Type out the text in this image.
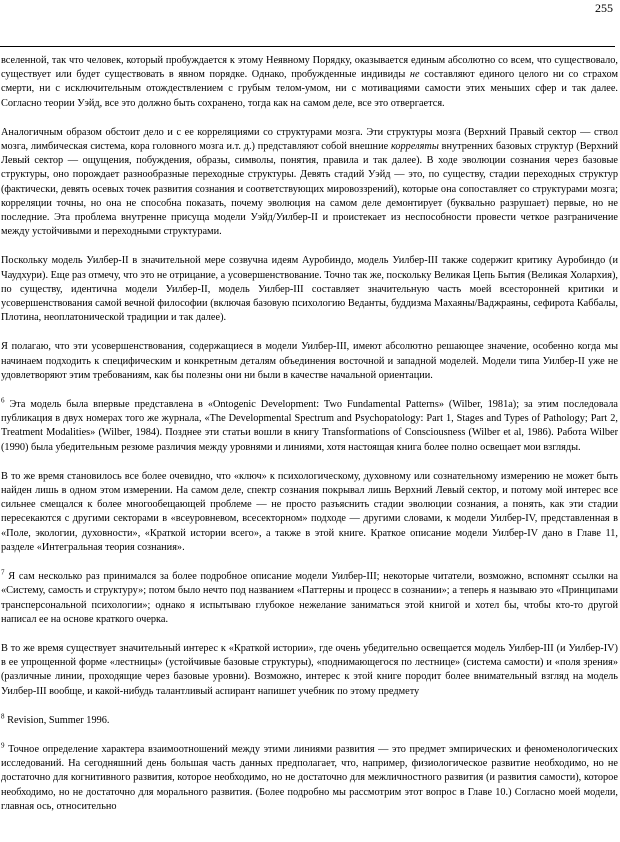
255

вселенной, так что человек, который пробуждается к этому Неявному Порядку, оказывается единым абсолютно со всем, что существовало, существует или будет существовать в явном порядке. Однако, пробужденные индивиды не составляют единого целого ни со страхом смерти, ни с исключительным отождествлением с грубым телом-умом, ни с мотивациями самости этих меньших сфер и так далее. Согласно теории Уэйд, все это должно быть сохранено, тогда как на самом деле, все это отвергается.

Аналогичным образом обстоит дело и с ее корреляциями со структурами мозга. Эти структуры мозга (Верхний Правый сектор — ствол мозга, лимбическая система, кора головного мозга и.т. д.) представляют собой внешние корреляты внутренних базовых структур (Верхний Левый сектор — ощущения, побуждения, образы, символы, понятия, правила и так далее). В ходе эволюции сознания через базовые структуры, оно порождает разнообразные переходные структуры. Девять стадий Уэйд — это, по существу, стадии переходных структур (фактически, девять осевых точек развития сознания и соответствующих мировоззрений), которые она сопоставляет со структурами мозга; корреляции точны, но она не способна показать, почему эволюция на самом деле демонтирует (буквально разрушает) первые, но не последние. Эта проблема внутренне присуща модели Уэйд/Уилбер-II и проистекает из неспособности провести четкое разграничение между устойчивыми и переходными структурами.

Поскольку модель Уилбер-II в значительной мере созвучна идеям Ауробиндо, модель Уилбер-III также содержит критику Ауробиндо (и Чаудхури). Еще раз отмечу, что это не отрицание, а усовершенствование. Точно так же, поскольку Великая Цепь Бытия (Великая Холархия), по существу, идентична модели Уилбер-II, модель Уилбер-III составляет значительную часть моей всесторонней критики и усовершенствования самой вечной философии (включая базовую психологию Веданты, буддизма Махаяны/Ваджраяны, сефирота Каббалы, Плотина, неоплатонической традиции и так далее).

Я полагаю, что эти усовершенствования, содержащиеся в модели Уилбер-III, имеют абсолютно решающее значение, особенно когда мы начинаем подходить к специфическим и конкретным деталям объединения восточной и западной моделей. Модели типа Уилбер-II уже не удовлетворяют этим требованиям, как бы полезны они ни были в качестве начальной ориентации.

$^6$ Эта модель была впервые представлена в «Ontogenic Development: Two Fundamental Patterns»‎ (Wilber, 1981a); за этим последовала публикация в двух номерах того же журнала, «The Developmental Spectrum and Psychopatology: Part 1, Stages and Types of Pathology; Part 2, Treatment Modalities»‎ (Wilber, 1984). Позднее эти статьи вошли в книгу Transformations of Consciousness (Wilber et al, 1986). Работа Wilber (1990) была убедительным резюме различия между уровнями и линиями, хотя настоящая книга более полно освещает мои взгляды.

В то же время становилось все более очевидно, что «ключ» к психологическому, духовному или сознательному измерению не может быть найден лишь в одном этом измерении. На самом деле, спектр сознания покрывал лишь Верхний Левый сектор, и потому мой интерес все сильнее смещался к более многообещающей проблеме — не просто разъяснить стадии эволюции сознания, а понять, как эти стадии пересекаются с другими секторами в «всеуровневом, всесекторном» подходе — другими словами, к модели Уилбер-IV, представленная в «Поле, экологии, духовности», «Краткой истории всего», а также в этой книге. Краткое описание модели Уилбер-IV дано в Главе 11, разделе «Интегральная теория сознания».

$^7$ Я сам несколько раз принимался за более подробное описание модели Уилбер-III; некоторые читатели, возможно, вспомнят ссылки на «Систему, самость и структуру»; потом было нечто под названием «Паттерны и процесс в сознании»; а теперь я называю это «Принципами трансперсональной психологии»; однако я испытываю глубокое нежелание заниматься этой книгой и хотел бы, чтобы кто-то другой написал ее на основе краткого очерка.

В то же время существует значительный интерес к «Краткой истории», где очень убедительно освещается модель Уилбер-III (и Уилбер-IV) в ее упрощенной форме «лестницы» (устойчивые базовые структуры), «поднимающегося по лестнице» (система самости) и «поля зрения» (различные линии, проходящие через базовые уровни). Возможно, интерес к этой книге породит более внимательный взгляд на модель Уилбер-III вообще, и какой-нибудь талантливый аспирант напишет учебник по этому предмету

$^8$ Revision, Summer 1996.

$^9$ Точное определение характера взаимоотношений между этими линиями развития — это предмет эмпирических и феноменологических исследований. На сегодняшний день большая часть данных предполагает, что, например, физиологическое развитие необходимо, но не достаточно для когнитивного развития, которое необходимо, но не достаточно для межличностного развития (и развития самости), которое необходимо, но не достаточно для морального развития. (Более подробно мы рассмотрим этот вопрос в Главе 10.) Согласно моей модели, главная ось, относительно
